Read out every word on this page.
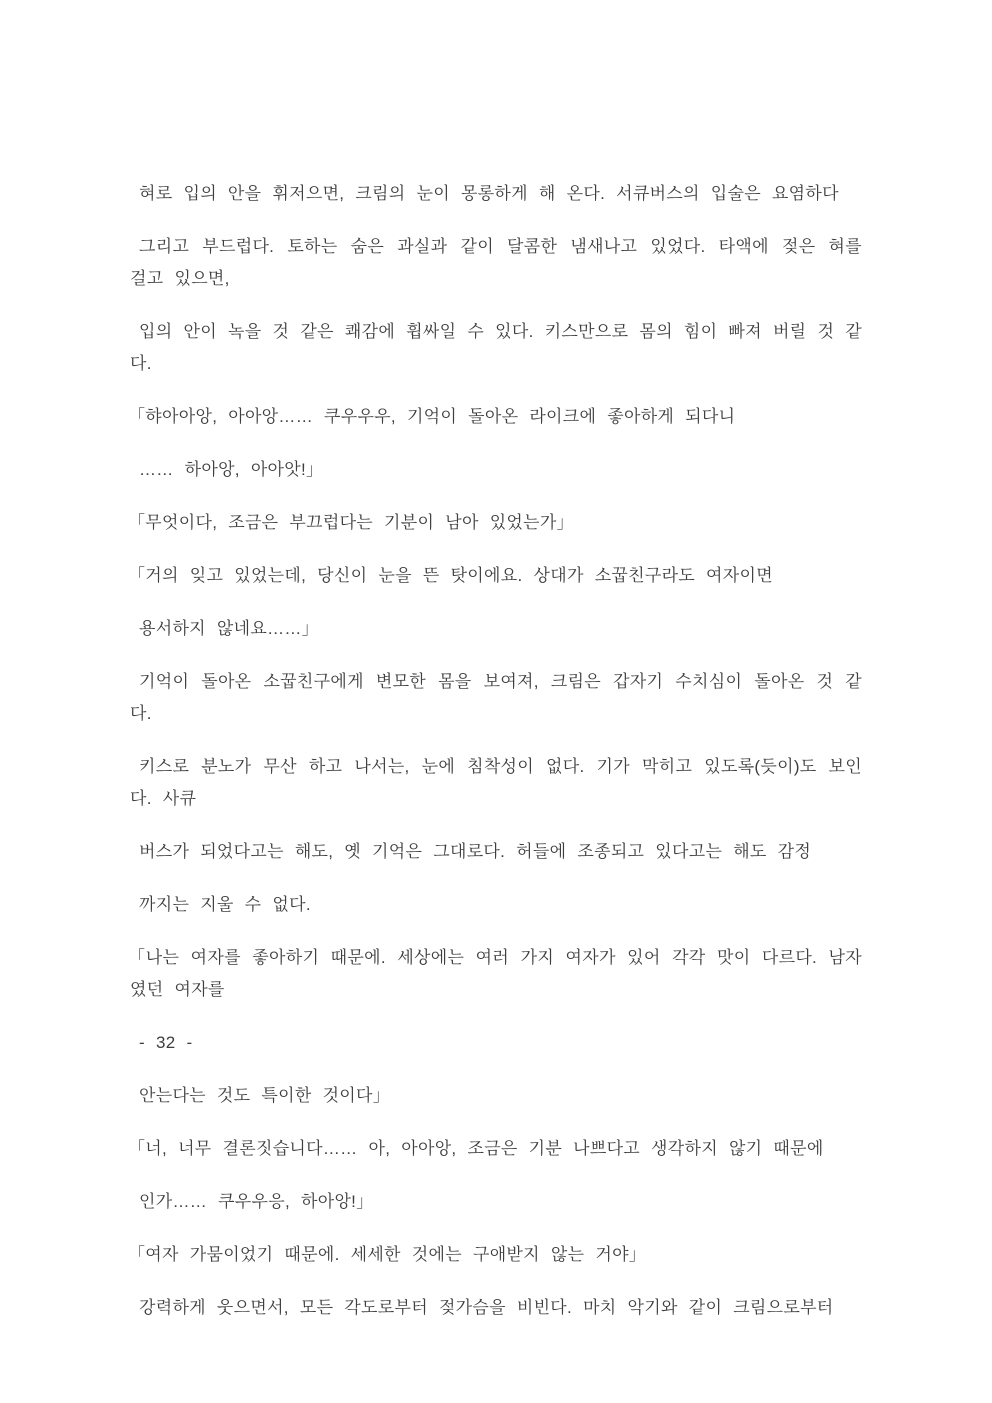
혀로 입의 안을 휘저으면, 크림의 눈이 몽롱하게 해 온다. 서큐버스의 입술은 요염하다

그리고 부드럽다. 토하는 숨은 과실과 같이 달콤한 냄새나고 있었다. 타액에 젖은 혀를 걸고 있으면,

입의 안이 녹을 것 같은 쾌감에 휩싸일 수 있다. 키스만으로 몸의 힘이 빠져 버릴 것 같다.

「햐아아앙, 아아앙…… 쿠우우우, 기억이 돌아온 라이크에 좋아하게 되다니

…… 하아앙, 아아앗!」

「무엇이다, 조금은 부끄럽다는 기분이 남아 있었는가」

「거의 잊고 있었는데, 당신이 눈을 뜬 탓이에요. 상대가 소꿉친구라도 여자이면

용서하지 않네요……」

기억이 돌아온 소꿉친구에게 변모한 몸을 보여져, 크림은 갑자기 수치심이 돌아온 것 같다.

키스로 분노가 무산 하고 나서는, 눈에 침착성이 없다. 기가 막히고 있도록(듯이)도 보인다. 사큐

버스가 되었다고는 해도, 옛 기억은 그대로다. 허들에 조종되고 있다고는 해도 감정

까지는 지울 수 없다.

「나는 여자를 좋아하기 때문에. 세상에는 여러 가지 여자가 있어 각각 맛이 다르다. 남자였던 여자를

- 32 -

안는다는 것도 특이한 것이다」

「너, 너무 결론짓습니다…… 아, 아아앙, 조금은 기분 나쁘다고 생각하지 않기 때문에

인가…… 쿠우우응, 하아앙!」

「여자 가뭄이었기 때문에. 세세한 것에는 구애받지 않는 거야」

강력하게 웃으면서, 모든 각도로부터 젖가슴을 비빈다. 마치 악기와 같이 크림으로부터
